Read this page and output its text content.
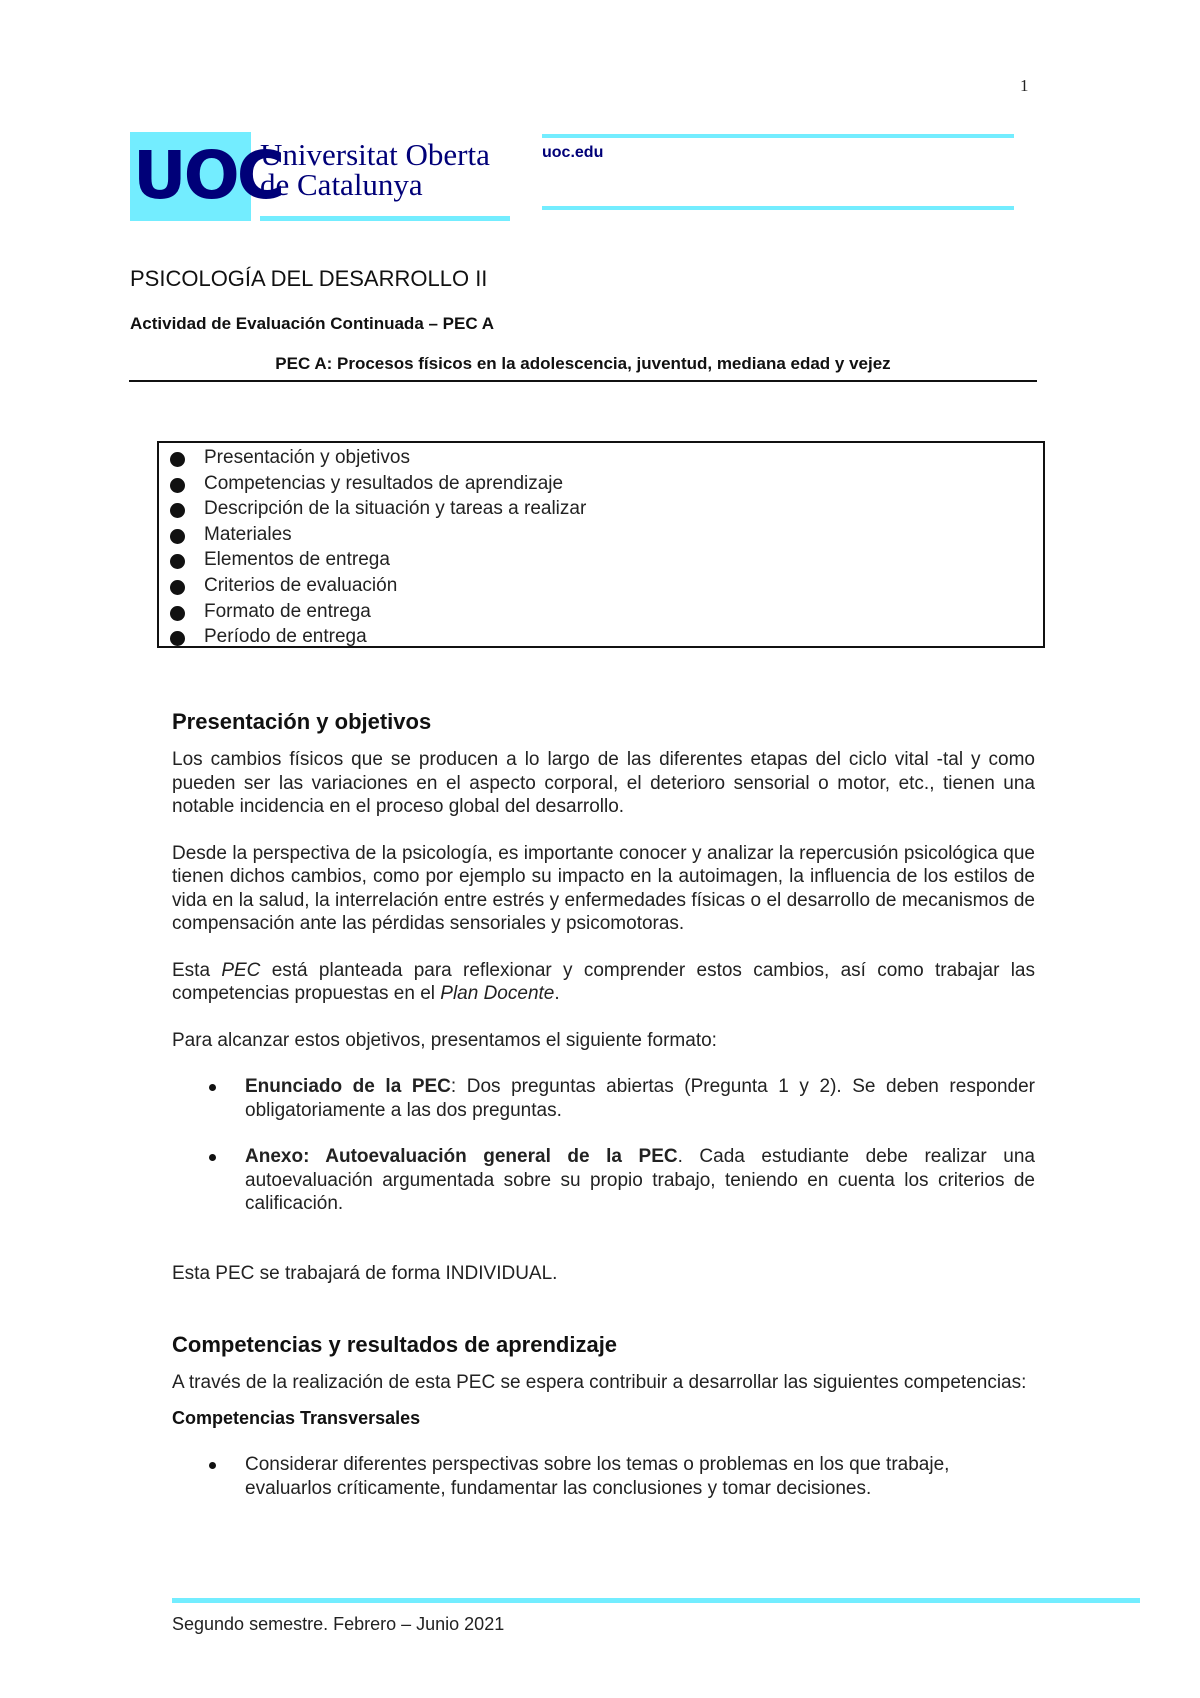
1
UOC
Universitat Oberta
de Catalunya
uoc.edu
PSICOLOGÍA DEL DESARROLLO II
Actividad de Evaluación Continuada – PEC A
PEC A: Procesos físicos en la adolescencia, juventud, mediana edad y vejez
Presentación y objetivos
Competencias y resultados de aprendizaje
Descripción de la situación y tareas a realizar
Materiales
Elementos de entrega
Criterios de evaluación
Formato de entrega
Período de entrega
Presentación y objetivos

Los cambios físicos que se producen a lo largo de las diferentes etapas del ciclo vital -tal y como pueden ser las variaciones en el aspecto corporal, el deterioro sensorial o motor, etc., tienen una notable incidencia en el proceso global del desarrollo.

Desde la perspectiva de la psicología, es importante conocer y analizar la repercusión psicológica que tienen dichos cambios, como por ejemplo su impacto en la autoimagen, la influencia de los estilos de vida en la salud, la interrelación entre estrés y enfermedades físicas o el desarrollo de mecanismos de compensación ante las pérdidas sensoriales y psicomotoras.

Esta PEC está planteada para reflexionar y comprender estos cambios, así como trabajar las competencias propuestas en el Plan Docente.

Para alcanzar estos objetivos, presentamos el siguiente formato:

Enunciado de la PEC: Dos preguntas abiertas (Pregunta 1 y 2). Se deben responder obligatoriamente a las dos preguntas.
Anexo: Autoevaluación general de la PEC. Cada estudiante debe realizar una autoevaluación argumentada sobre su propio trabajo, teniendo en cuenta los criterios de calificación.

Esta PEC se trabajará de forma INDIVIDUAL.

Competencias y resultados de aprendizaje

A través de la realización de esta PEC se espera contribuir a desarrollar las siguientes competencias:

Competencias Transversales

Considerar diferentes perspectivas sobre los temas o problemas en los que trabaje, evaluarlos críticamente, fundamentar las conclusiones y tomar decisiones.
Segundo semestre. Febrero – Junio 2021
